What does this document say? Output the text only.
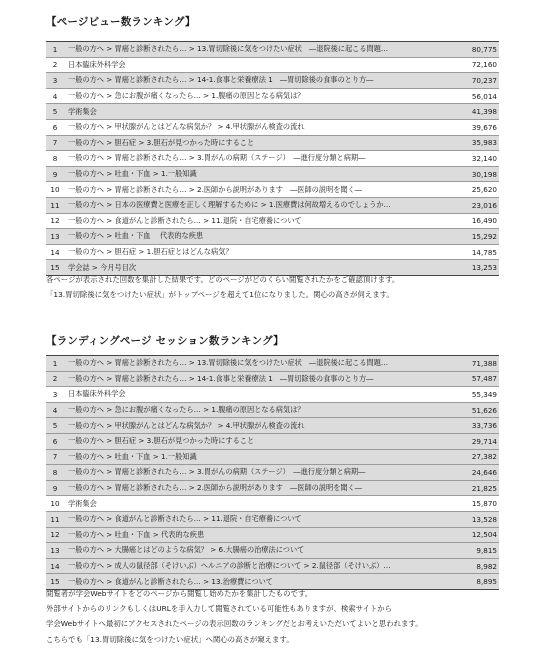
【ページビュー数ランキング】
1	一般の方へ > 胃癌と診断されたら… > 13.胃切除後に気をつけたい症状　―退院後に起こる問題…	80,775
2	日本臨床外科学会	72,160
3	一般の方へ > 胃癌と診断されたら… > 14-1.食事と栄養療法 1　―胃切除後の食事のとり方―	70,237
4	一般の方へ > 急にお腹が痛くなったら… > 1.腹痛の原因となる病気は？	56,014
5	学術集会	41,398
6	一般の方へ > 甲状腺がんとはどんな病気か？ > 4.甲状腺がん検査の流れ	39,676
7	一般の方へ > 胆石症 > 3.胆石が見つかった時にすること	35,983
8	一般の方へ > 胃癌と診断されたら… > 3.胃がんの病期（ステージ）　―進行度分類と病期―	32,140
9	一般の方へ > 吐血・下血 > 1.一般知識	30,198
10	一般の方へ > 胃癌と診断されたら… > 2.医師から説明があります　―医師の説明を聞く―	25,620
11	一般の方へ > 日本の医療費と医療を正しく理解するために > 1.医療費は何故増えるのでしょうか…	23,016
12	一般の方へ > 食道がんと診断されたら… > 11.退院・自宅療養について	16,490
13	一般の方へ > 吐血・下血　 代表的な疾患	15,292
14	一般の方へ > 胆石症 > 1.胆石症とはどんな病気？	14,785
15	学会誌 > 今月号目次	13,253

各ページが表示された回数を集計した結果です。どのページがどのくらい閲覧されたかをご確認頂けます。

「13.胃切除後に気をつけたい症状」がトップページを超えて1位になりました。関心の高さが伺えます。

【ランディングページ セッション数ランキング】
1	一般の方へ > 胃癌と診断されたら… > 13.胃切除後に気をつけたい症状　―退院後に起こる問題…	71,388
2	一般の方へ > 胃癌と診断されたら… > 14-1.食事と栄養療法 1　―胃切除後の食事のとり方―	57,487
3	日本臨床外科学会	55,349
4	一般の方へ > 急にお腹が痛くなったら… > 1.腹痛の原因となる病気は？	51,626
5	一般の方へ > 甲状腺がんとはどんな病気か？ > 4.甲状腺がん検査の流れ	33,736
6	一般の方へ > 胆石症 > 3.胆石が見つかった時にすること	29,714
7	一般の方へ > 吐血・下血 > 1.一般知識	27,382
8	一般の方へ > 胃癌と診断されたら… > 3.胃がんの病期（ステージ）　―進行度分類と病期―	24,646
9	一般の方へ > 胃癌と診断されたら… > 2.医師から説明があります　―医師の説明を聞く―	21,825
10	学術集会	15,870
11	一般の方へ > 食道がんと診断されたら… > 11.退院・自宅療養について	13,528
12	一般の方へ > 吐血・下血 > 代表的な疾患	12,504
13	一般の方へ > 大腸癌とはどのような病気？ > 6.大腸癌の治療法について	9,815
14	一般の方へ > 成人の鼠径部（そけいぶ）ヘルニアの診断と治療について > 2.鼠径部（そけいぶ）…	8,982
15	一般の方へ > 食道がんと診断されたら… > 13.治療費について	8,895

閲覧者が学会Webサイトをどのページから閲覧し始めたかを集計したものです。

外部サイトからのリンクもしくはURLを手入力して閲覧されている可能性もありますが、検索サイトから

学会Webサイトへ最初にアクセスされたページの表示回数のランキングだとお考えいただいてよいと思われます。

こちらでも「13.胃切除後に気をつけたい症状」へ関心の高さが窺えます。
